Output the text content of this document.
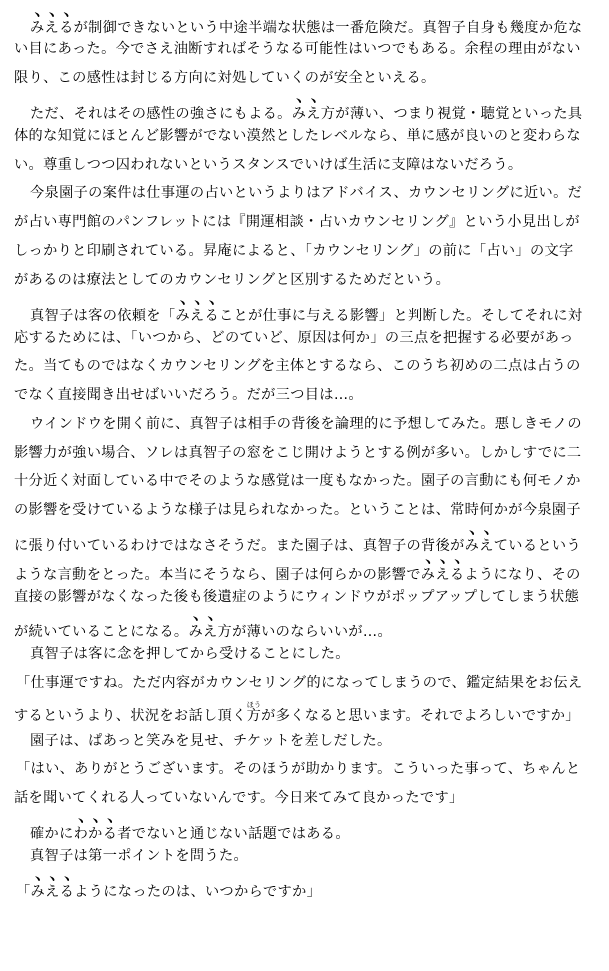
みえるが制御できないという中途半端な状態は一番危険だ。真智子自身も幾度か危な
い目にあった。今でさえ油断すればそうなる可能性はいつでもある。余程の理由がない
限り、この感性は封じる方向に対処していくのが安全といえる。
ただ、それはその感性の強さにもよる。みえ方が薄い、つまり視覚・聴覚といった具
体的な知覚にほとんど影響がでない漠然としたレベルなら、単に感が良いのと変わらな
い。尊重しつつ囚われないというスタンスでいけば生活に支障はないだろう。
今泉園子の案件は仕事運の占いというよりはアドバイス、カウンセリングに近い。だ
が占い専門館のパンフレットには『開運相談・占いカウンセリング』という小見出しが
しっかりと印刷されている。昇庵によると、「カウンセリング」の前に「占い」の文字
があるのは療法としてのカウンセリングと区別するためだという。
真智子は客の依頼を「みえることが仕事に与える影響」と判断した。そしてそれに対
応するためには、「いつから、どのていど、原因は何か」の三点を把握する必要があっ
た。当てものではなくカウンセリングを主体とするなら、このうち初めの二点は占うの
でなく直接聞き出せばいいだろう。だが三つ目は…。
ウインドウを開く前に、真智子は相手の背後を論理的に予想してみた。悪しきモノの
影響力が強い場合、ソレは真智子の窓をこじ開けようとする例が多い。しかしすでに二
十分近く対面している中でそのような感覚は一度もなかった。園子の言動にも何モノか
の影響を受けているような様子は見られなかった。ということは、常時何かが今泉園子
に張り付いているわけではなさそうだ。また園子は、真智子の背後がみえているという
ような言動をとった。本当にそうなら、園子は何らかの影響でみえるようになり、その
直接の影響がなくなった後も後遺症のようにウィンドウがポップアップしてしまう状態
が続いていることになる。みえ方が薄いのならいいが…。
真智子は客に念を押してから受けることにした。
「仕事運ですね。ただ内容がカウンセリング的になってしまうので、鑑定結果をお伝え
するというより、状況をお話し頂く方ほうが多くなると思います。それでよろしいですか」
園子は、ぱあっと笑みを見せ、チケットを差しだした。
「はい、ありがとうございます。そのほうが助かります。こういった事って、ちゃんと
話を聞いてくれる人っていないんです。今日来てみて良かったです」
確かにわかる者でないと通じない話題ではある。
真智子は第一ポイントを問うた。
「みえるようになったのは、いつからですか」
